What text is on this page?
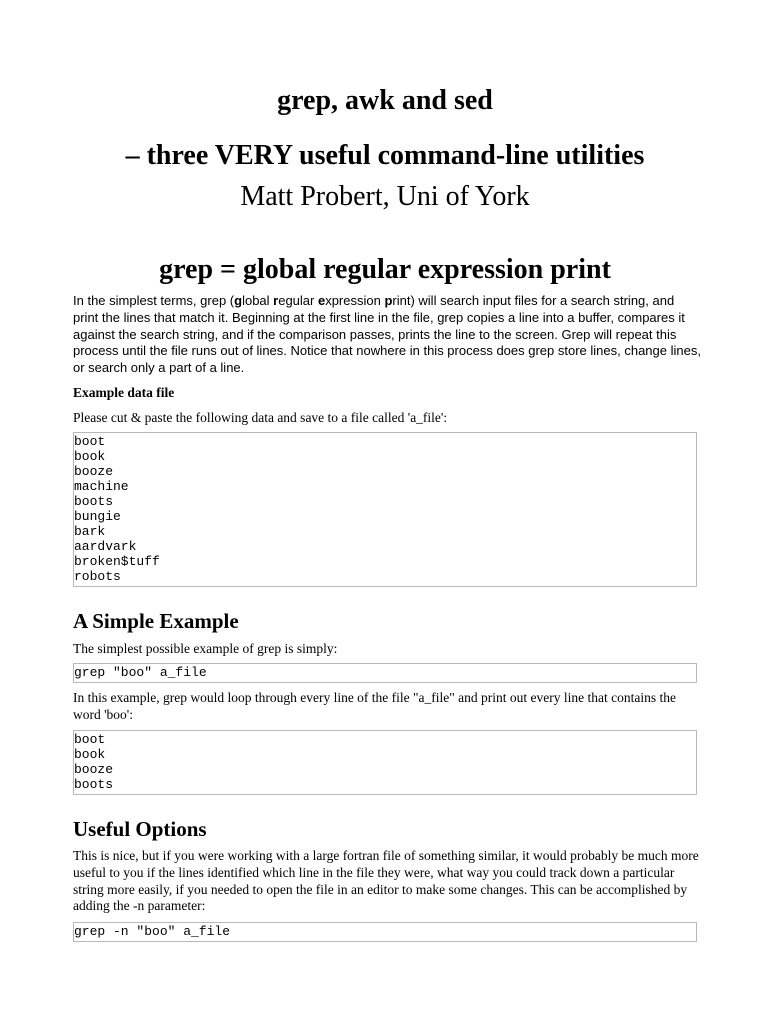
grep, awk and sed
– three VERY useful command-line utilities

Matt Probert, Uni of York

grep = global regular expression print

In the simplest terms, grep (global regular expression print) will search input files for a search string, and print the lines that match it. Beginning at the first line in the file, grep copies a line into a buffer, compares it against the search string, and if the comparison passes, prints the line to the screen. Grep will repeat this process until the file runs out of lines. Notice that nowhere in this process does grep store lines, change lines, or search only a part of a line.

Example data file

Please cut & paste the following data and save to a file called 'a_file':

boot
book
booze
machine
boots
bungie
bark
aardvark
broken$tuff
robots
A Simple Example

The simplest possible example of grep is simply:

grep "boo" a_file

In this example, grep would loop through every line of the file "a_file" and print out every line that contains the word 'boo':

boot
book
booze
boots
Useful Options

This is nice, but if you were working with a large fortran file of something similar, it would probably be much more useful to you if the lines identified which line in the file they were, what way you could track down a particular string more easily, if you needed to open the file in an editor to make some changes. This can be accomplished by adding the -n parameter:

grep -n "boo" a_file
